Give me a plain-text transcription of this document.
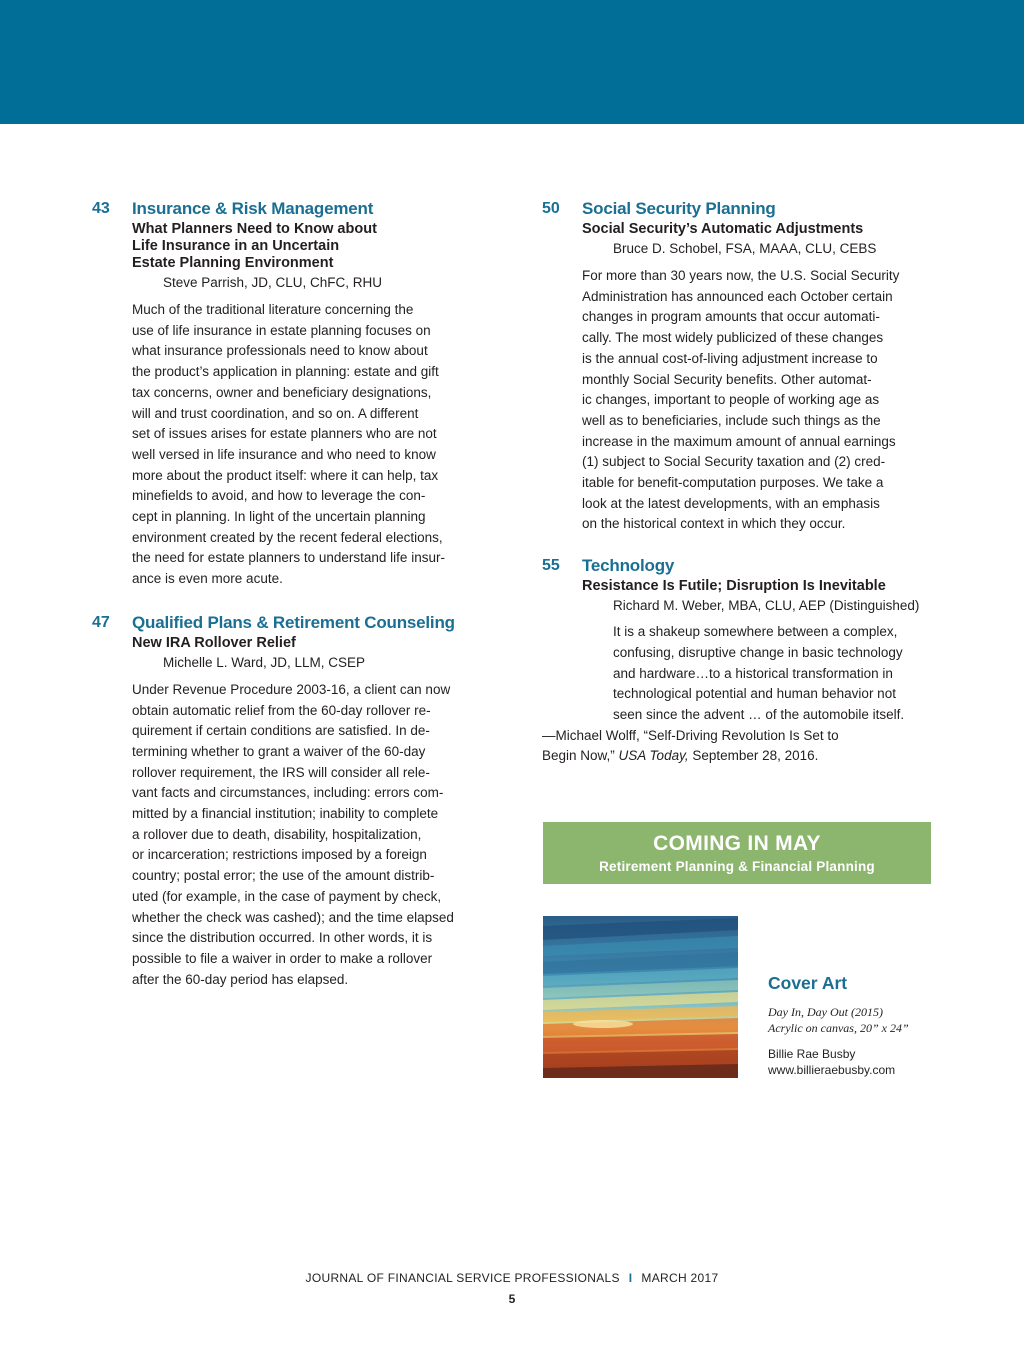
43	Insurance & Risk Management
What Planners Need to Know about
Life Insurance in an Uncertain
Estate Planning Environment
Steve Parrish, JD, CLU, ChFC, RHU
Much of the traditional literature concerning the
use of life insurance in estate planning focuses on
what insurance professionals need to know about
the product’s application in planning: estate and gift
tax concerns, owner and beneficiary designations,
will and trust coordination, and so on. A different
set of issues arises for estate planners who are not
well versed in life insurance and who need to know
more about the product itself: where it can help, tax
minefields to avoid, and how to leverage the con-
cept in planning. In light of the uncertain planning
environment created by the recent federal elections,
the need for estate planners to understand life insur-
ance is even more acute.
47	Qualified Plans & Retirement Counseling
New IRA Rollover Relief
Michelle L. Ward, JD, LLM, CSEP
Under Revenue Procedure 2003-16, a client can now
obtain automatic relief from the 60-day rollover re-
quirement if certain conditions are satisfied. In de-
termining whether to grant a waiver of the 60-day
rollover requirement, the IRS will consider all rele-
vant facts and circumstances, including: errors com-
mitted by a financial institution; inability to complete
a rollover due to death, disability, hospitalization,
or incarceration; restrictions imposed by a foreign
country; postal error; the use of the amount distrib-
uted (for example, in the case of payment by check,
whether the check was cashed); and the time elapsed
since the distribution occurred. In other words, it is
possible to file a waiver in order to make a rollover
after the 60-day period has elapsed.
50	Social Security Planning
Social Security’s Automatic Adjustments
Bruce D. Schobel, FSA, MAAA, CLU, CEBS
For more than 30 years now, the U.S. Social Security
Administration has announced each October certain
changes in program amounts that occur automati-
cally. The most widely publicized of these changes
is the annual cost-of-living adjustment increase to
monthly Social Security benefits. Other automat-
ic changes, important to people of working age as
well as to beneficiaries, include such things as the
increase in the maximum amount of annual earnings
(1) subject to Social Security taxation and (2) cred-
itable for benefit-computation purposes. We take a
look at the latest developments, with an emphasis
on the historical context in which they occur.
55	Technology
Resistance Is Futile; Disruption Is Inevitable
Richard M. Weber, MBA, CLU, AEP (Distinguished)
It is a shakeup somewhere between a complex,
confusing, disruptive change in basic technology
and hardware…to a historical transformation in
technological potential and human behavior not
seen since the advent … of the automobile itself.
—Michael Wolff, “Self-Driving Revolution Is Set to
Begin Now,” USA Today, September 28, 2016.
COMING IN MAY
Retirement Planning & Financial Planning
Cover Art
Day In, Day Out (2015)
Acrylic on canvas, 20” x 24”
Billie Rae Busby
www.billieraebusby.com
JOURNAL OF FINANCIAL SERVICE PROFESSIONALS I MARCH 2017
5
